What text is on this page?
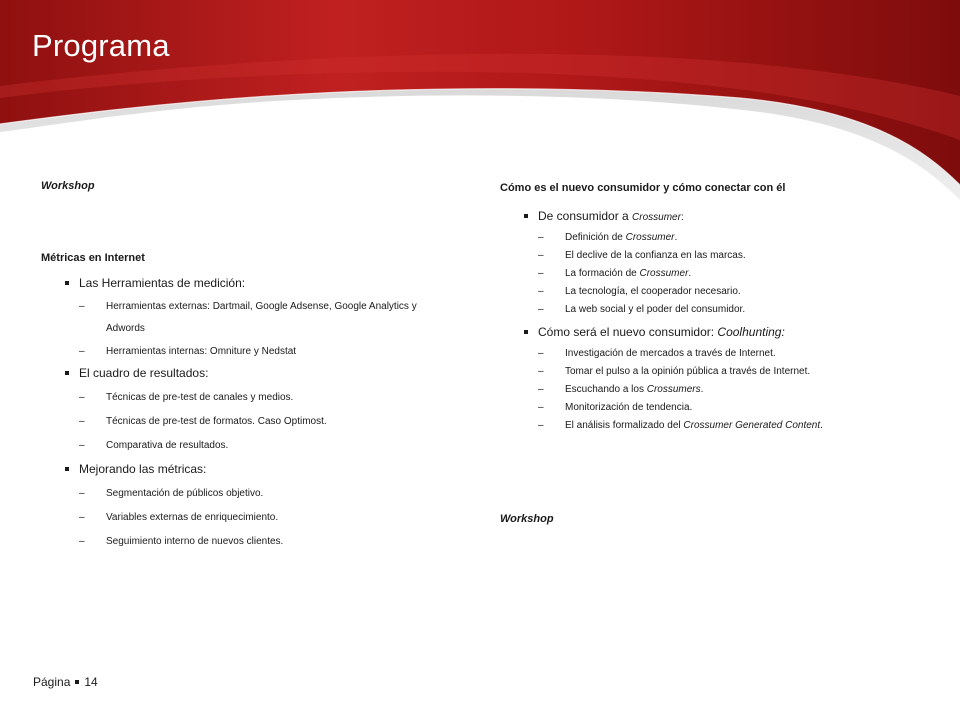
Programa
Workshop
Métricas en Internet
Las Herramientas de medición:
– Herramientas externas: Dartmail, Google Adsense, Google Analytics y Adwords
– Herramientas internas: Omniture y Nedstat
El cuadro de resultados:
– Técnicas de pre-test de canales y medios.
– Técnicas de pre-test de formatos. Caso Optimost.
– Comparativa de resultados.
Mejorando las métricas:
– Segmentación de públicos objetivo.
– Variables externas de enriquecimiento.
– Seguimiento interno de nuevos clientes.
Cómo es el nuevo consumidor y cómo conectar con él
De consumidor a Crossumer:
– Definición de Crossumer.
– El declive de la confianza en las marcas.
– La formación de Crossumer.
– La tecnología, el cooperador necesario.
– La web social y el poder del consumidor.
Cómo será el nuevo consumidor: Coolhunting:
– Investigación de mercados a través de Internet.
– Tomar el pulso a la opinión pública a través de Internet.
– Escuchando a los Crossumers.
– Monitorización de tendencia.
– El análisis formalizado del Crossumer Generated Content.
Workshop
Página 14
